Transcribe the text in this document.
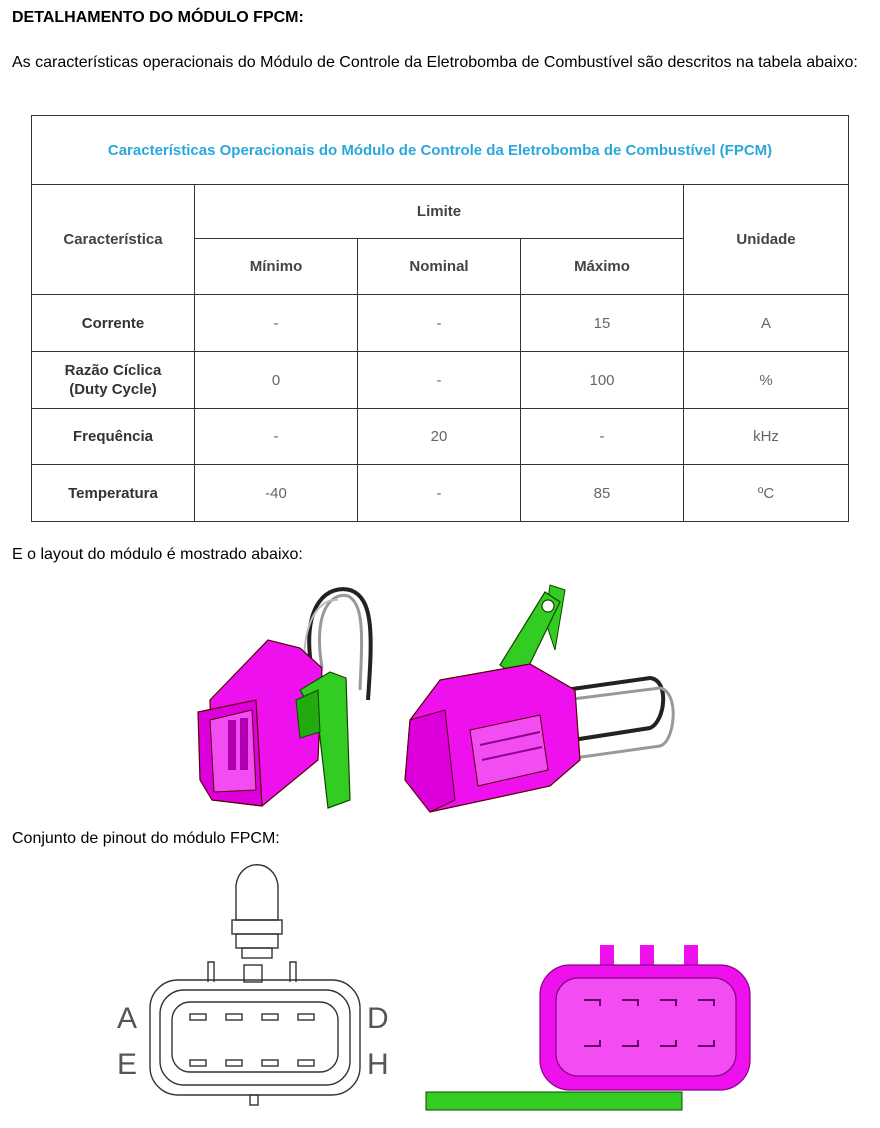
DETALHAMENTO DO MÓDULO FPCM:
As características operacionais do Módulo de Controle da Eletrobomba de Combustível são descritos na tabela abaixo:
Características Operacionais do Módulo de Controle da Eletrobomba de Combustível (FPCM)				
Característica	Limite			Unidade
	Mínimo	Nominal	Máximo	
Corrente	-	-	15	A

Razão Cíclica (Duty Cycle)	0	-	100	%
Frequência	-	20	-	kHz
Temperatura	-40	-	85	ºC
E o layout do módulo é mostrado abaixo:
Conjunto de pinout do módulo FPCM:
A	D
E	H
